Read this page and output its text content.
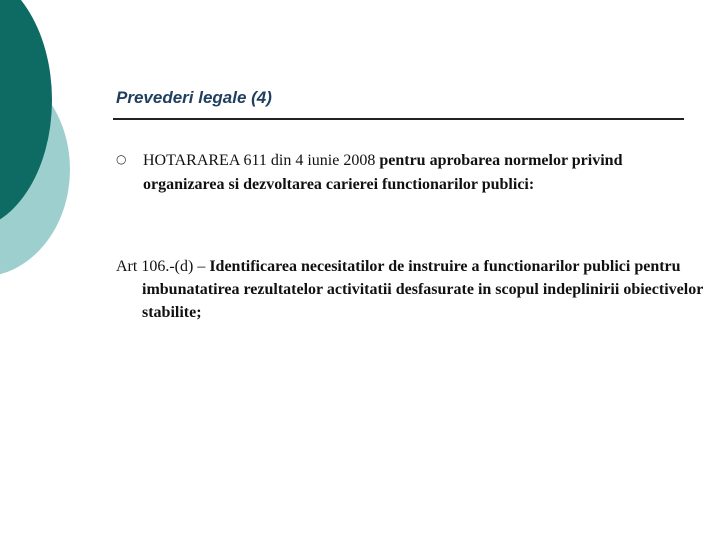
Prevederi legale (4)
○ HOTARAREA 611 din 4 iunie 2008 pentru aprobarea normelor privind organizarea si dezvoltarea carierei functionarilor publici:
Art 106.-(d) – Identificarea necesitatilor de instruire a functionarilor publici pentru imbunatatirea rezultatelor activitatii desfasurate in scopul indeplinirii obiectivelor stabilite;
